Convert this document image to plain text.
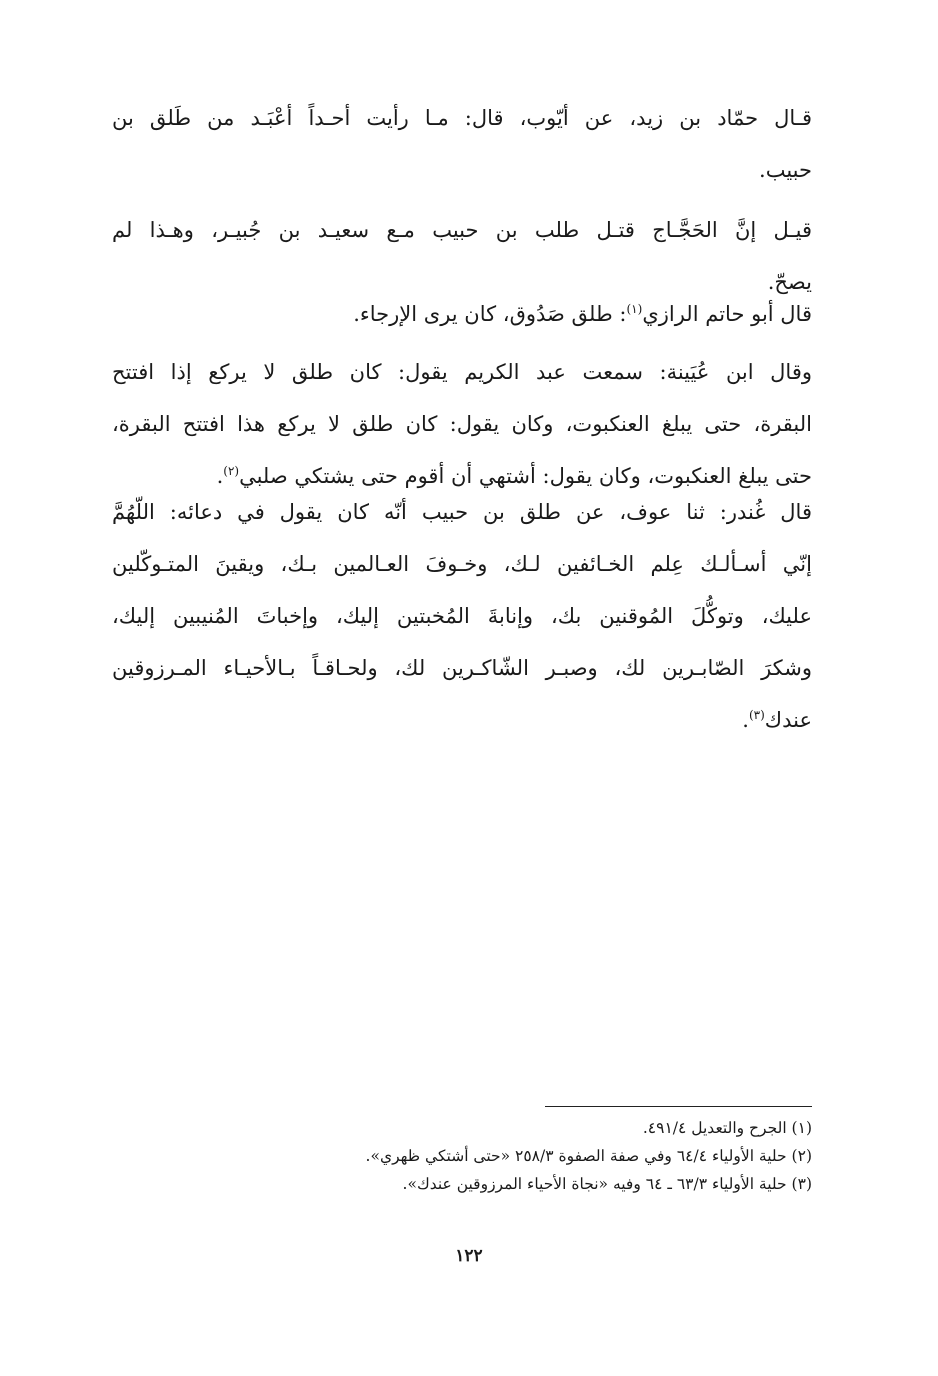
قـال حمّاد بن زيد، عن أيّوب، قال: مـا رأيت أحـداً أعْبَـد من طَلق بن
حبيب.

قيـل إنَّ الحَجَّـاج قتـل طلب بن حبيب مـع سعيـد بن جُبيـر، وهـذا لم
يصحّ.

قال أبو حاتم الرازي$^{(١)}$: طلق صَدُوق، كان يرى الإرجاء.

وقال ابن عُيَينة: سمعت عبد الكريم يقول: كان طلق لا يركع إذا افتتح
البقرة، حتى يبلغ العنكبوت، وكان يقول: كان طلق لا يركع هذا افتتح البقرة،
حتى يبلغ العنكبوت، وكان يقول: أشتهي أن أقوم حتى يشتكي صلبي$^{(٢)}$.

قال غُندر: ثنا عوف، عن طلق بن حبيب أنّه كان يقول في دعائه: اللّهُمَّ
إنّي أسـألـك عِلم الخـائفين لـك، وخـوفَ العـالمين بـك، ويقينَ المتـوكّلين
عليك، وتوكُّلَ المُوقنين بك، وإنابةَ المُخبتين إليك، وإخباتَ المُنيبين إليك،
وشكرَ الصّابـرين لك، وصبـر الشّاكـرين لك، ولحـاقـاً بـالأحيـاء المـرزوقين
عندك$^{(٣)}$.

(١) الجرح والتعديل ٤٩١/٤.
(٢) حلية الأولياء ٦٤/٤ وفي صفة الصفوة ٢٥٨/٣ «حتى أشتكي ظهري».
(٣) حلية الأولياء ٦٣/٣ ـ ٦٤ وفيه «نجاة الأحياء المرزوقين عندك».

١٢٢
